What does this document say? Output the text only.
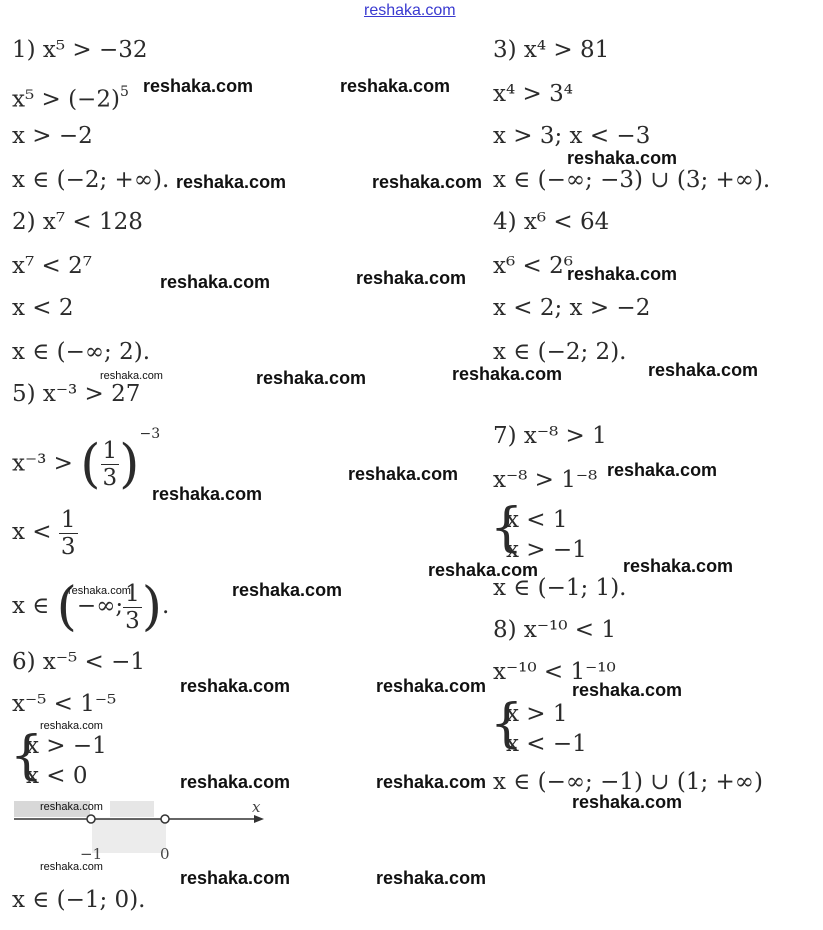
reshaka.com
1) x⁵ > −32
$x^5 > (-2)^5$
x > −2
x ∈ (−2; +∞).
2) x⁷ < 128
x⁷ < 2⁷
x < 2
x ∈ (−∞; 2).
3) x⁴ > 81
x⁴ > 3⁴
x > 3; x < −3
x ∈ (−∞; −3) ∪ (3; +∞).
4) x⁶ < 64
x⁶ < 2⁶
x < 2; x > −2
x ∈ (−2; 2).
5) x⁻³ > 27
x⁻³ > ( $\frac{1}{3} )^{-3}$
$x < \frac{1}{3}$
x ∈ (−∞; $\frac{1}{3}$ ).
6) x⁻⁵ < −1
x⁻⁵ < 1⁻⁵
{
x > −1
x < 0
x
−1	0
x ∈ (−1; 0).
7) x⁻⁸ > 1
x⁻⁸ > 1⁻⁸
{
x < 1
x > −1
x ∈ (−1; 1).
8) x⁻¹⁰ < 1
x⁻¹⁰ < 1⁻¹⁰
{
x > 1
x < −1
x ∈ (−∞; −1) ∪ (1; +∞)
reshaka.com	reshaka.com
reshaka.com	reshaka.com
reshaka.com
reshaka.com	reshaka.com	reshaka.com
reshaka.com	reshaka.com	reshaka.com
reshaka.com	reshaka.com
reshaka.com
reshaka.com	reshaka.com
reshaka.com
reshaka.com	reshaka.com	reshaka.com
reshaka.com	reshaka.com
reshaka.com
reshaka.com	reshaka.com
reshaka.com
reshaka.com
reshaka.com
reshaka.com
reshaka.com
